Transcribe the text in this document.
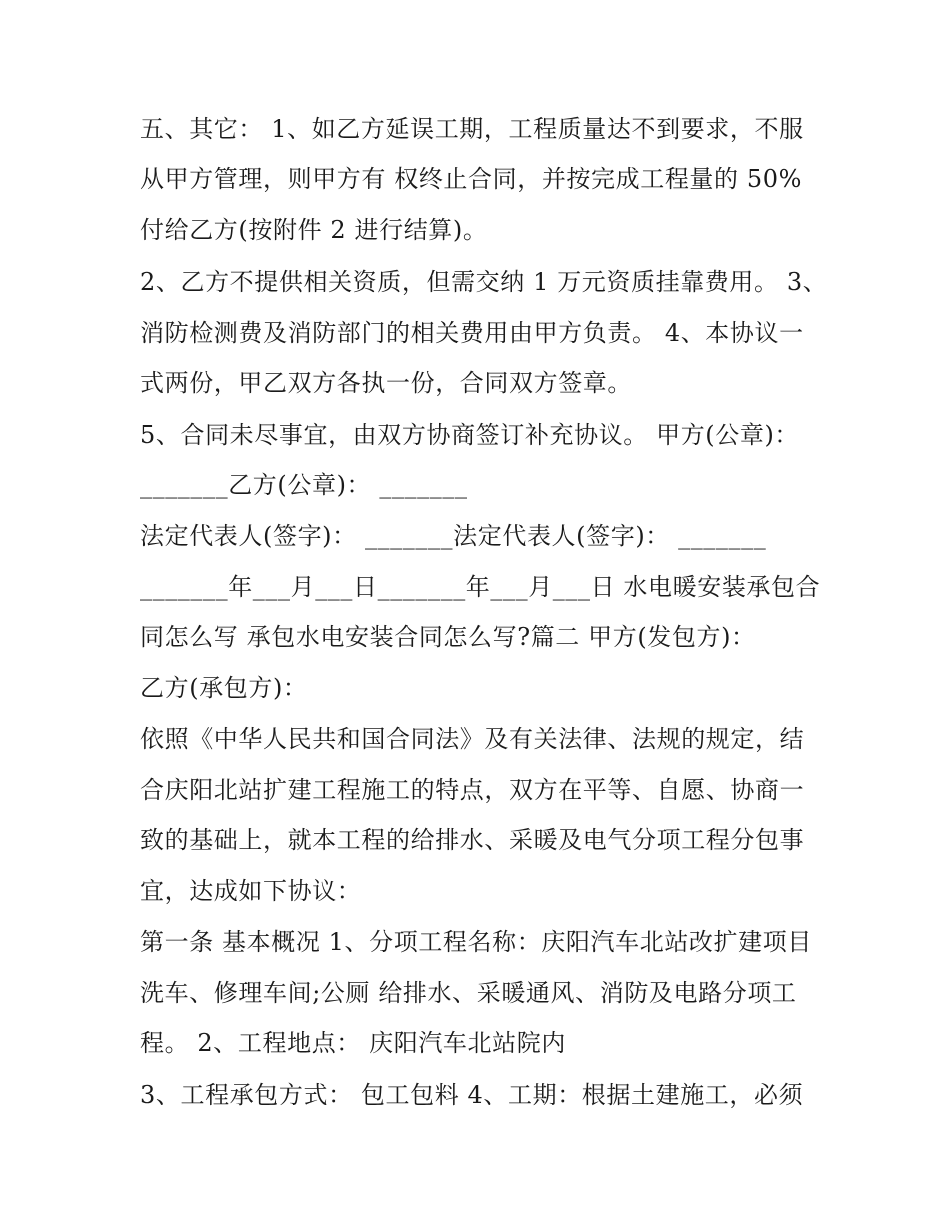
五、其它： 1、如乙方延误工期，工程质量达不到要求，不服
从甲方管理，则甲方有 权终止合同，并按完成工程量的 50%
付给乙方(按附件 2 进行结算)。
2、乙方不提供相关资质，但需交纳 1 万元资质挂靠费用。 3、
消防检测费及消防部门的相关费用由甲方负责。 4、本协议一
式两份，甲乙双方各执一份，合同双方签章。
5、合同未尽事宜，由双方协商签订补充协议。 甲方(公章)：
_______乙方(公章)： _______
法定代表人(签字)： _______法定代表人(签字)： _______
_______年___月___日_______年___月___日 水电暖安装承包合
同怎么写 承包水电安装合同怎么写?篇二 甲方(发包方)：
乙方(承包方)：
依照《中华人民共和国合同法》及有关法律、法规的规定，结
合庆阳北站扩建工程施工的特点，双方在平等、自愿、协商一
致的基础上，就本工程的给排水、采暖及电气分项工程分包事
宜，达成如下协议：
第一条 基本概况 1、分项工程名称：庆阳汽车北站改扩建项目
洗车、修理车间;公厕 给排水、采暖通风、消防及电路分项工
程。 2、工程地点： 庆阳汽车北站院内
3、工程承包方式： 包工包料 4、工期：根据土建施工，必须
